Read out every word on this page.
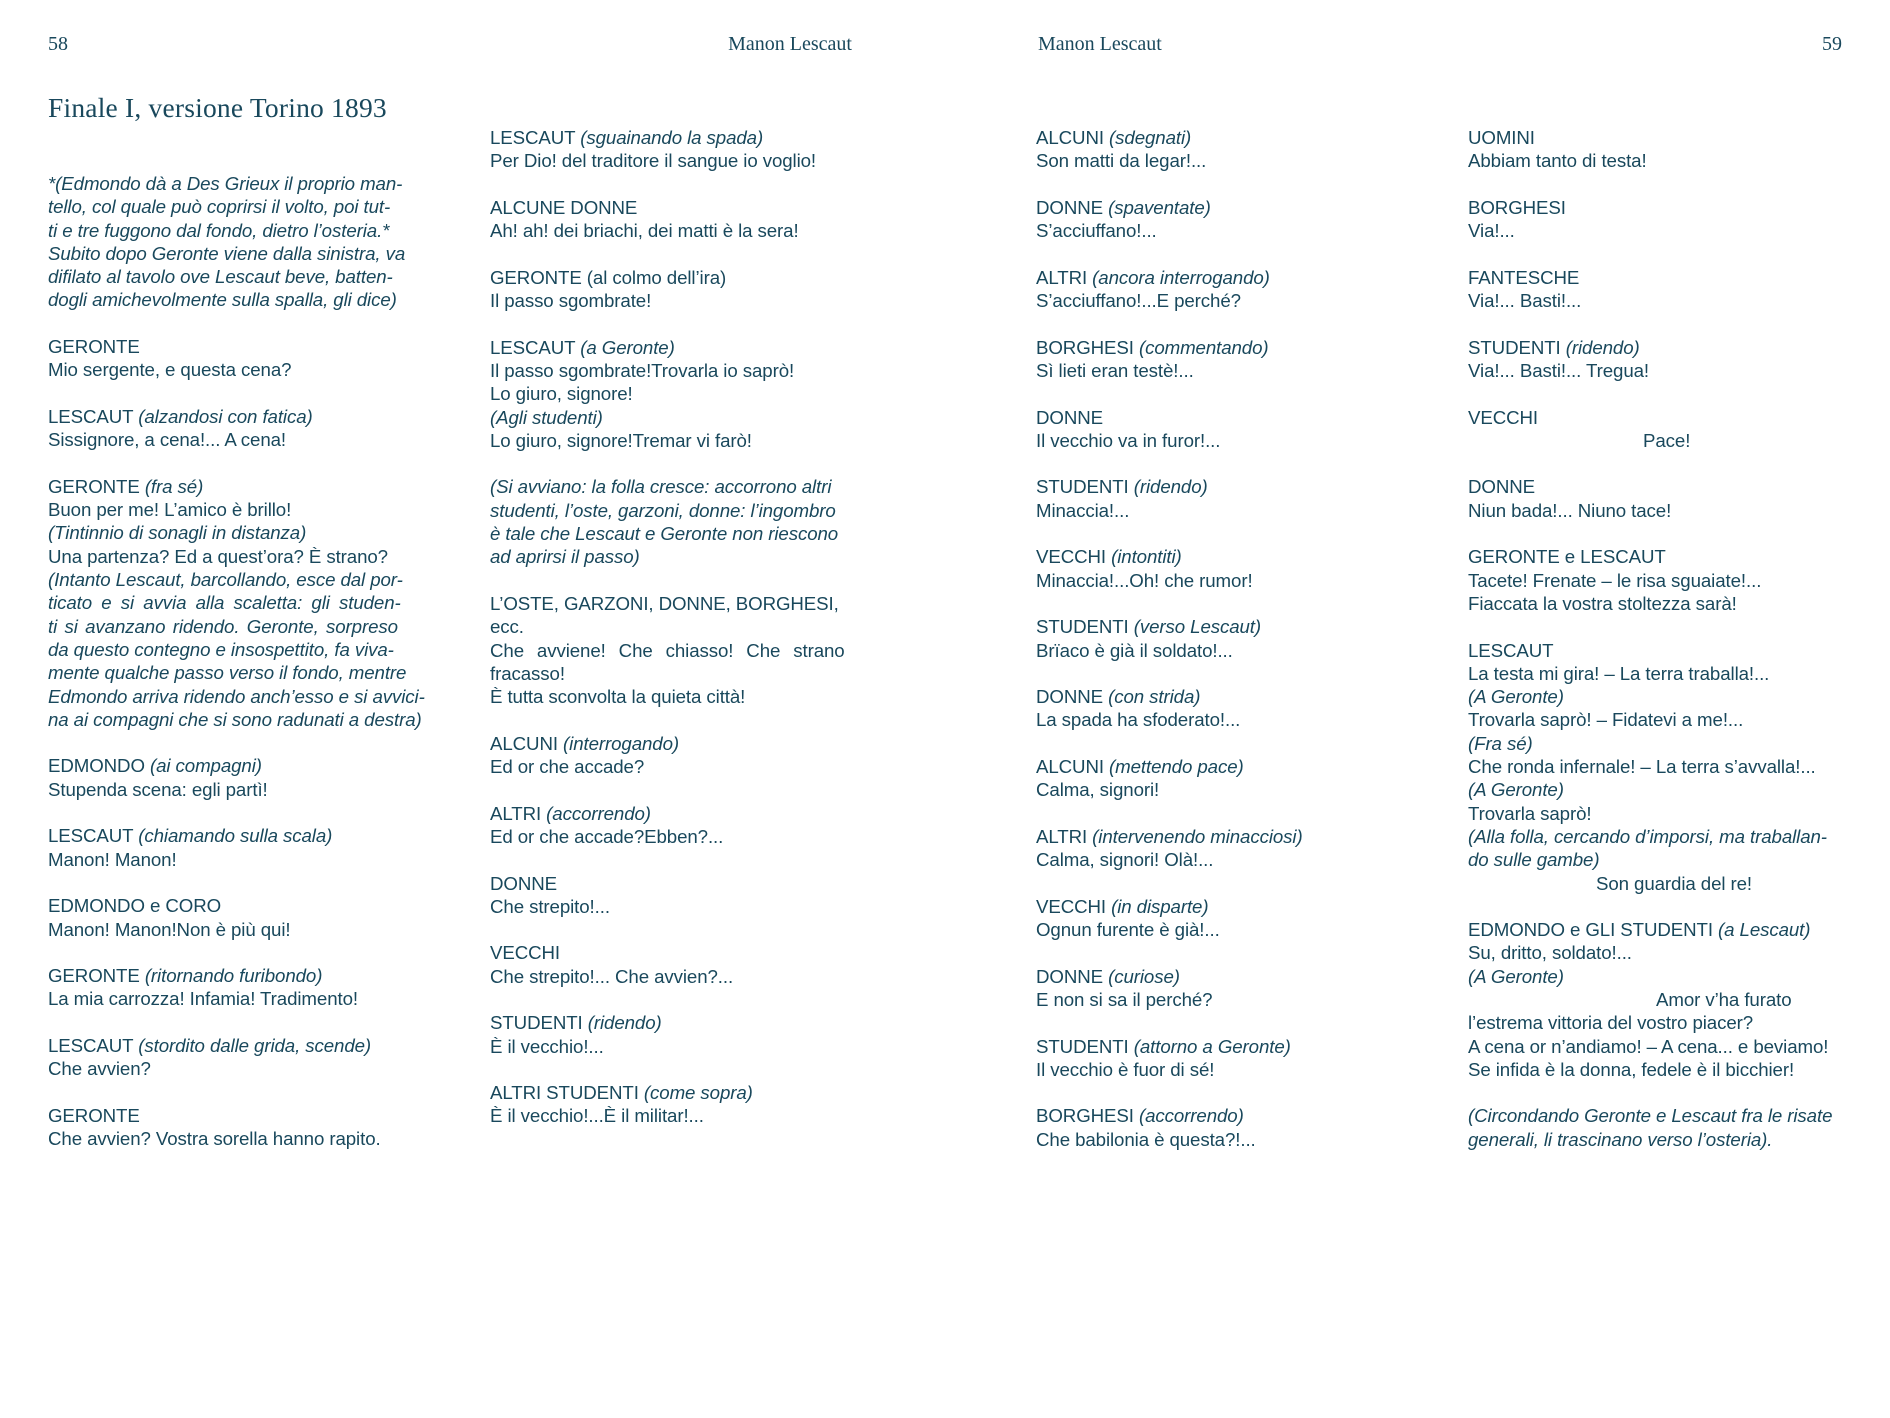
58	Manon Lescaut	Manon Lescaut	59
Finale I, versione Torino 1893
*(Edmondo dà a Des Grieux il proprio man-
tello, col quale può coprirsi il volto, poi tut-
ti e tre fuggono dal fondo, dietro l’osteria.*
Subito dopo Geronte viene dalla sinistra, va
difilato al tavolo ove Lescaut beve, batten-
dogli amichevolmente sulla spalla, gli dice)
GERONTE
Mio sergente, e questa cena?
LESCAUT (alzandosi con fatica)
Sissignore, a cena!... A cena!
GERONTE (fra sé)
Buon per me! L’amico è brillo!
(Tintinnio di sonagli in distanza)
Una partenza? Ed a quest’ora? È strano?
(Intanto Lescaut, barcollando, esce dal por-
ticato e si avvia alla scaletta: gli studen-
ti si avanzano ridendo. Geronte, sorpreso
da questo contegno e insospettito, fa viva-
mente qualche passo verso il fondo, mentre
Edmondo arriva ridendo anch’esso e si avvici-
na ai compagni che si sono radunati a destra)
EDMONDO (ai compagni)
Stupenda scena: egli partì!
LESCAUT (chiamando sulla scala)
Manon! Manon!
EDMONDO e CORO
Manon! Manon!Non è più qui!
GERONTE (ritornando furibondo)
La mia carrozza! Infamia! Tradimento!
LESCAUT (stordito dalle grida, scende)
Che avvien?
GERONTE
Che avvien? Vostra sorella hanno rapito.
LESCAUT (sguainando la spada)
Per Dio! del traditore il sangue io voglio!
ALCUNE DONNE
Ah! ah! dei briachi, dei matti è la sera!
GERONTE (al colmo dell’ira)
Il passo sgombrate!
LESCAUT (a Geronte)
Il passo sgombrate!Trovarla io saprò!
Lo giuro, signore!
(Agli studenti)
Lo giuro, signore!Tremar vi farò!
(Si avviano: la folla cresce: accorrono altri
studenti, l’oste, garzoni, donne: l’ingombro
è tale che Lescaut e Geronte non riescono
ad aprirsi il passo)
L’OSTE, GARZONI, DONNE, BORGHESI,
ecc.
Che avviene! Che chiasso! Che strano
fracasso!
È tutta sconvolta la quieta città!
ALCUNI (interrogando)
Ed or che accade?
ALTRI (accorrendo)
Ed or che accade?Ebben?...
DONNE
Che strepito!...
VECCHI
Che strepito!... Che avvien?...
STUDENTI (ridendo)
È il vecchio!...
ALTRI STUDENTI (come sopra)
È il vecchio!...È il militar!...
ALCUNI (sdegnati)
Son matti da legar!...
DONNE (spaventate)
S’acciuffano!...
ALTRI (ancora interrogando)
S’acciuffano!...E perché?
BORGHESI (commentando)
Sì lieti eran testè!...
DONNE
Il vecchio va in furor!...
STUDENTI (ridendo)
Minaccia!...
VECCHI (intontiti)
Minaccia!...Oh! che rumor!
STUDENTI (verso Lescaut)
Brïaco è già il soldato!...
DONNE (con strida)
La spada ha sfoderato!...
ALCUNI (mettendo pace)
Calma, signori!
ALTRI (intervenendo minacciosi)
Calma, signori! Olà!...
VECCHI (in disparte)
Ognun furente è già!...
DONNE (curiose)
E non si sa il perché?
STUDENTI (attorno a Geronte)
Il vecchio è fuor di sé!
BORGHESI (accorrendo)
Che babilonia è questa?!...
UOMINI
Abbiam tanto di testa!
BORGHESI
Via!...
FANTESCHE
Via!... Basti!...
STUDENTI (ridendo)
Via!... Basti!... Tregua!
VECCHI
Pace!
DONNE
Niun bada!... Niuno tace!
GERONTE e LESCAUT
Tacete! Frenate – le risa sguaiate!...
Fiaccata la vostra stoltezza sarà!
LESCAUT
La testa mi gira! – La terra traballa!...
(A Geronte)
Trovarla saprò! – Fidatevi a me!...
(Fra sé)
Che ronda infernale! – La terra s’avvalla!...
(A Geronte)
Trovarla saprò!
(Alla folla, cercando d’imporsi, ma traballan-
do sulle gambe)
Son guardia del re!
EDMONDO e GLI STUDENTI (a Lescaut)
Su, dritto, soldato!...
(A Geronte)
Amor v’ha furato
l’estrema vittoria del vostro piacer?
A cena or n’andiamo! – A cena... e beviamo!
Se infida è la donna, fedele è il bicchier!
(Circondando Geronte e Lescaut fra le risate
generali, li trascinano verso l’osteria).
